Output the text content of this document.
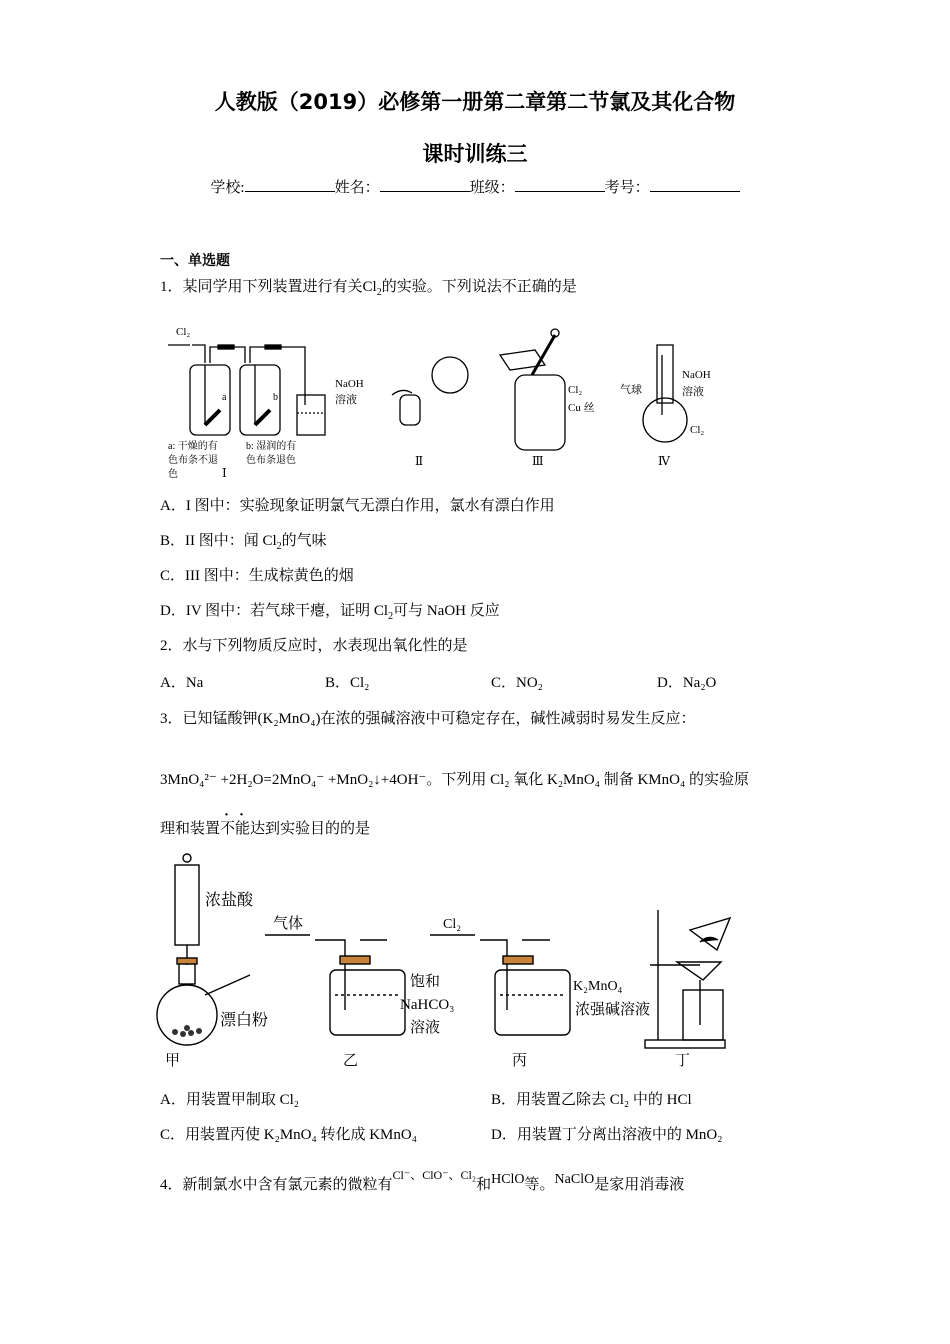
人教版（2019）必修第一册第二章第二节氯及其化合物
课时训练三
学校:	姓名：	班级：	考号：
一、单选题
1．某同学用下列装置进行有关$Cl_2$的实验。下列说法不正确的是
Cl₂
a	b
NaOH
溶液
a: 干燥的有
色布条不退
色
b: 湿润的有
色布条退色
Cl₂
Cu 丝
气球
NaOH
溶液
Cl₂
Ⅰ
Ⅱ	Ⅲ	Ⅳ
A．I 图中：实验现象证明氯气无漂白作用，氯水有漂白作用
B．II 图中：闻 $Cl_2$的气味
C．III 图中：生成棕黄色的烟
D．IV 图中：若气球干瘪，证明 $Cl_2$可与 NaOH 反应
2．水与下列物质反应时，水表现出氧化性的是
A．Na	B．Cl₂	C．NO₂	D．Na₂O
3．已知锰酸钾(K₂MnO₄)在浓的强碱溶液中可稳定存在，碱性减弱时易发生反应：
3MnO₄²⁻ +2H₂O=2MnO₄⁻ +MnO₂↓+4OH⁻。下列用 Cl₂ 氧化 K₂MnO₄ 制备 KMnO₄ 的实验原
理和装置不能达到实验目的的是
浓盐酸
漂白粉
气体
饱和
NaHCO₃
溶液
Cl₂
K₂MnO₄
浓强碱溶液
甲	乙	丙	丁
A．用装置甲制取 Cl₂	B．用装置乙除去 Cl₂ 中的 HCl
C．用装置丙使 K₂MnO₄ 转化成 KMnO₄	D．用装置丁分离出溶液中的 MnO₂
4．新制氯水中含有氯元素的微粒有$^{Cl^-、ClO^-、Cl_2}$和$^{HClO}$等。$^{NaClO}$是家用消毒液
